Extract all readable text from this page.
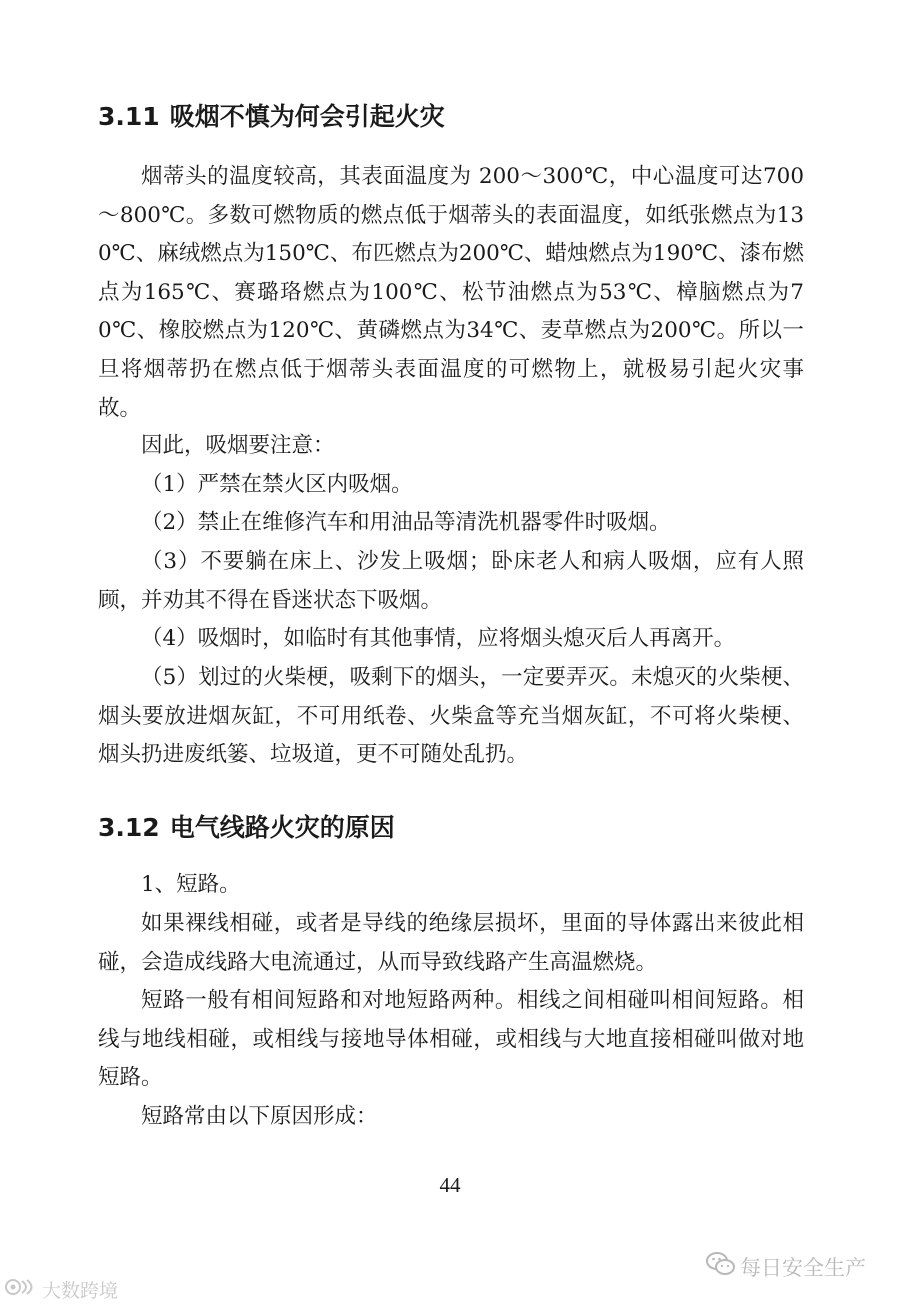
3.11 吸烟不慎为何会引起火灾

烟蒂头的温度较高，其表面温度为 200～300℃，中心温度可达700～800℃。多数可燃物质的燃点低于烟蒂头的表面温度，如纸张燃点为130℃、麻绒燃点为150℃、布匹燃点为200℃、蜡烛燃点为190℃、漆布燃点为165℃、赛璐珞燃点为100℃、松节油燃点为53℃、樟脑燃点为70℃、橡胶燃点为120℃、黄磷燃点为34℃、麦草燃点为200℃。所以一旦将烟蒂扔在燃点低于烟蒂头表面温度的可燃物上，就极易引起火灾事故。

因此，吸烟要注意：

（1）严禁在禁火区内吸烟。

（2）禁止在维修汽车和用油品等清洗机器零件时吸烟。

（3）不要躺在床上、沙发上吸烟；卧床老人和病人吸烟，应有人照顾，并劝其不得在昏迷状态下吸烟。

（4）吸烟时，如临时有其他事情，应将烟头熄灭后人再离开。

（5）划过的火柴梗，吸剩下的烟头，一定要弄灭。未熄灭的火柴梗、烟头要放进烟灰缸，不可用纸卷、火柴盒等充当烟灰缸，不可将火柴梗、烟头扔进废纸篓、垃圾道，更不可随处乱扔。

3.12 电气线路火灾的原因

1、短路。

如果裸线相碰，或者是导线的绝缘层损坏，里面的导体露出来彼此相碰，会造成线路大电流通过，从而导致线路产生高温燃烧。

短路一般有相间短路和对地短路两种。相线之间相碰叫相间短路。相线与地线相碰，或相线与接地导体相碰，或相线与大地直接相碰叫做对地短路。

短路常由以下原因形成：

44
大数跨境
每日安全生产
